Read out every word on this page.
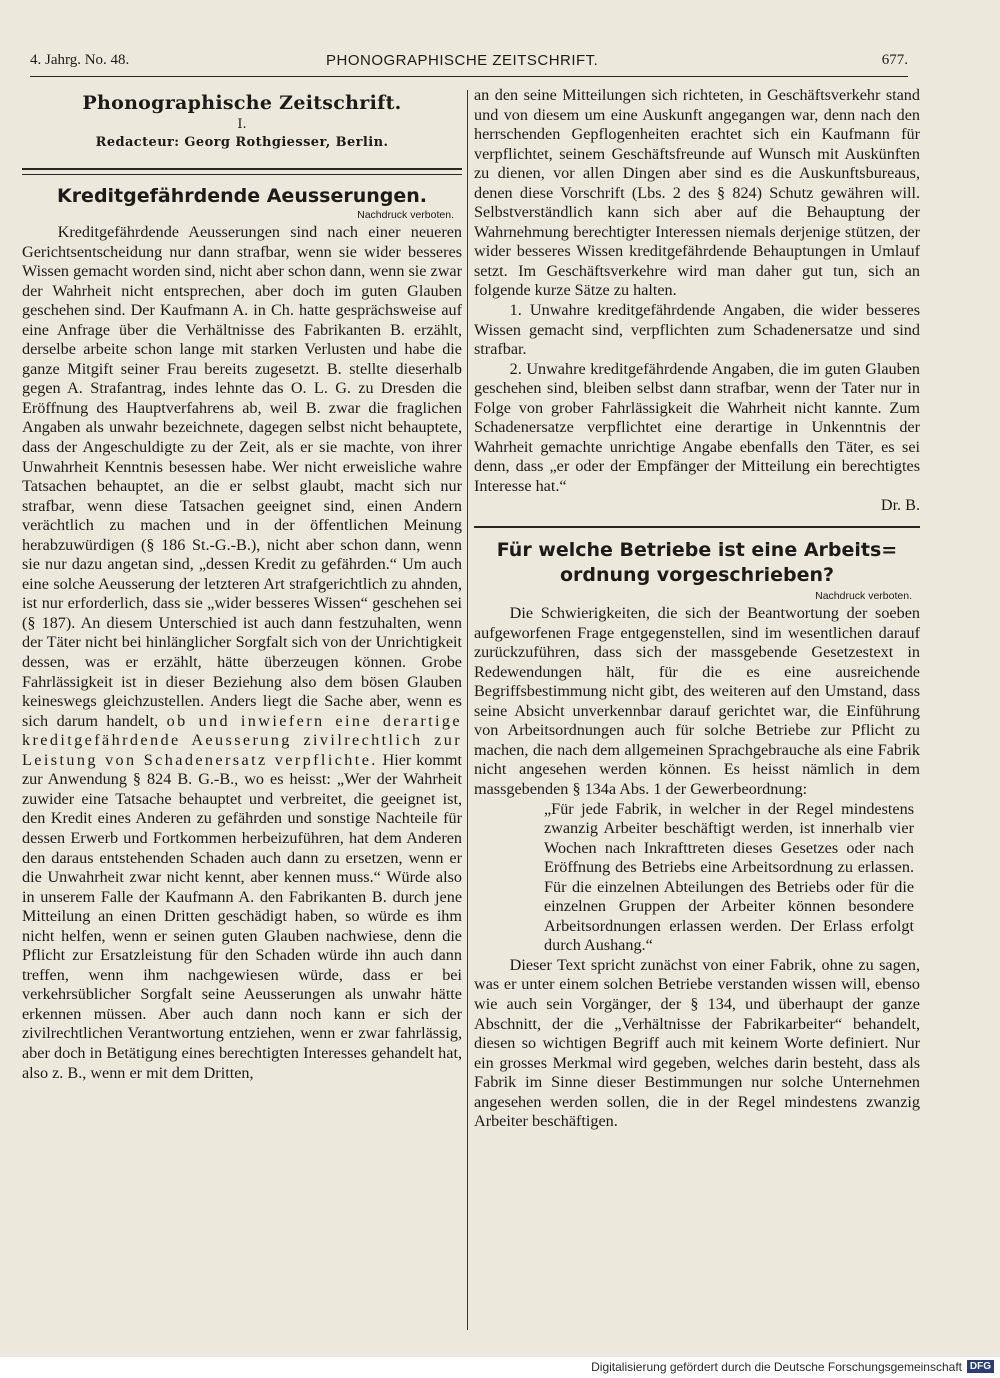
4. Jahrg. No. 48.	PHONOGRAPHISCHE ZEITSCHRIFT.	677.
Phonographische Zeitschrift.
I.
Redacteur: Georg Rothgiesser, Berlin.
Kreditgefährdende Aeusserungen.
Nachdruck verboten.

Kreditgefährdende Aeusserungen sind nach einer neueren Gerichtsentscheidung nur dann strafbar, wenn sie wider besseres Wissen gemacht worden sind, nicht aber schon dann, wenn sie zwar der Wahrheit nicht entsprechen, aber doch im guten Glauben geschehen sind. Der Kaufmann A. in Ch. hatte gesprächsweise auf eine Anfrage über die Verhältnisse des Fabrikanten B. erzählt, derselbe arbeite schon lange mit starken Verlusten und habe die ganze Mitgift seiner Frau bereits zugesetzt. B. stellte dieserhalb gegen A. Strafantrag, indes lehnte das O. L. G. zu Dresden die Eröffnung des Hauptverfahrens ab, weil B. zwar die fraglichen Angaben als unwahr bezeichnete, dagegen selbst nicht behauptete, dass der Angeschuldigte zu der Zeit, als er sie machte, von ihrer Unwahrheit Kenntnis besessen habe. Wer nicht erweisliche wahre Tatsachen behauptet, an die er selbst glaubt, macht sich nur strafbar, wenn diese Tatsachen geeignet sind, einen Andern verächtlich zu machen und in der öffentlichen Meinung herabzuwürdigen (§ 186 St.-G.-B.), nicht aber schon dann, wenn sie nur dazu angetan sind, „dessen Kredit zu gefährden.“ Um auch eine solche Aeusserung der letzteren Art strafgerichtlich zu ahnden, ist nur erforderlich, dass sie „wider besseres Wissen“ geschehen sei (§ 187). An diesem Unterschied ist auch dann festzuhalten, wenn der Täter nicht bei hinlänglicher Sorgfalt sich von der Unrichtigkeit dessen, was er erzählt, hätte überzeugen können. Grobe Fahrlässigkeit ist in dieser Beziehung also dem bösen Glauben keineswegs gleichzustellen. Anders liegt die Sache aber, wenn es sich darum handelt, ob und inwiefern eine derartige kreditgefährdende Aeusserung zivilrechtlich zur Leistung von Schadenersatz verpflichte. Hier kommt zur Anwendung § 824 B. G.-B., wo es heisst: „Wer der Wahrheit zuwider eine Tatsache behauptet und verbreitet, die geeignet ist, den Kredit eines Anderen zu gefährden und sonstige Nachteile für dessen Erwerb und Fortkommen herbeizuführen, hat dem Anderen den daraus entstehenden Schaden auch dann zu ersetzen, wenn er die Unwahrheit zwar nicht kennt, aber kennen muss.“ Würde also in unserem Falle der Kaufmann A. den Fabrikanten B. durch jene Mitteilung an einen Dritten geschädigt haben, so würde es ihm nicht helfen, wenn er seinen guten Glauben nachwiese, denn die Pflicht zur Ersatzleistung für den Schaden würde ihn auch dann treffen, wenn ihm nachgewiesen würde, dass er bei verkehrsüblicher Sorgfalt seine Aeusserungen als unwahr hätte erkennen müssen. Aber auch dann noch kann er sich der zivilrechtlichen Verantwortung entziehen, wenn er zwar fahrlässig, aber doch in Betätigung eines berechtigten Interesses gehandelt hat, also z. B., wenn er mit dem Dritten,

an den seine Mitteilungen sich richteten, in Geschäftsverkehr stand und von diesem um eine Auskunft angegangen war, denn nach den herrschenden Gepflogenheiten erachtet sich ein Kaufmann für verpflichtet, seinem Geschäftsfreunde auf Wunsch mit Auskünften zu dienen, vor allen Dingen aber sind es die Auskunftsbureaus, denen diese Vorschrift (Lbs. 2 des § 824) Schutz gewähren will. Selbstverständlich kann sich aber auf die Behauptung der Wahrnehmung berechtigter Interessen niemals derjenige stützen, der wider besseres Wissen kreditgefährdende Behauptungen in Umlauf setzt. Im Geschäftsverkehre wird man daher gut tun, sich an folgende kurze Sätze zu halten.

1. Unwahre kreditgefährdende Angaben, die wider besseres Wissen gemacht sind, verpflichten zum Schadenersatze und sind strafbar.

2. Unwahre kreditgefährdende Angaben, die im guten Glauben geschehen sind, bleiben selbst dann strafbar, wenn der Tater nur in Folge von grober Fahrlässigkeit die Wahrheit nicht kannte. Zum Schadenersatze verpflichtet eine derartige in Unkenntnis der Wahrheit gemachte unrichtige Angabe ebenfalls den Täter, es sei denn, dass „er oder der Empfänger der Mitteilung ein berechtigtes Interesse hat.“
Dr. B.

Für welche Betriebe ist eine Arbeits=
ordnung vorgeschrieben?
Nachdruck verboten.

Die Schwierigkeiten, die sich der Beantwortung der soeben aufgeworfenen Frage entgegenstellen, sind im wesentlichen darauf zurückzuführen, dass sich der massgebende Gesetzestext in Redewendungen hält, für die es eine ausreichende Begriffsbestimmung nicht gibt, des weiteren auf den Umstand, dass seine Absicht unverkennbar darauf gerichtet war, die Einführung von Arbeitsordnungen auch für solche Betriebe zur Pflicht zu machen, die nach dem allgemeinen Sprachgebrauche als eine Fabrik nicht angesehen werden können. Es heisst nämlich in dem massgebenden § 134a Abs. 1 der Gewerbeordnung:

„Für jede Fabrik, in welcher in der Regel mindestens zwanzig Arbeiter beschäftigt werden, ist innerhalb vier Wochen nach Inkrafttreten dieses Gesetzes oder nach Eröffnung des Betriebs eine Arbeitsordnung zu erlassen. Für die einzelnen Abteilungen des Betriebs oder für die einzelnen Gruppen der Arbeiter können besondere Arbeitsordnungen erlassen werden. Der Erlass erfolgt durch Aushang.“

Dieser Text spricht zunächst von einer Fabrik, ohne zu sagen, was er unter einem solchen Betriebe verstanden wissen will, ebenso wie auch sein Vorgänger, der § 134, und überhaupt der ganze Abschnitt, der die „Verhältnisse der Fabrikarbeiter“ behandelt, diesen so wichtigen Begriff auch mit keinem Worte definiert. Nur ein grosses Merkmal wird gegeben, welches darin besteht, dass als Fabrik im Sinne dieser Bestimmungen nur solche Unternehmen angesehen werden sollen, die in der Regel mindestens zwanzig Arbeiter beschäftigen.

Digitalisierung gefördert durch die Deutsche Forschungsgemeinschaft DFG
